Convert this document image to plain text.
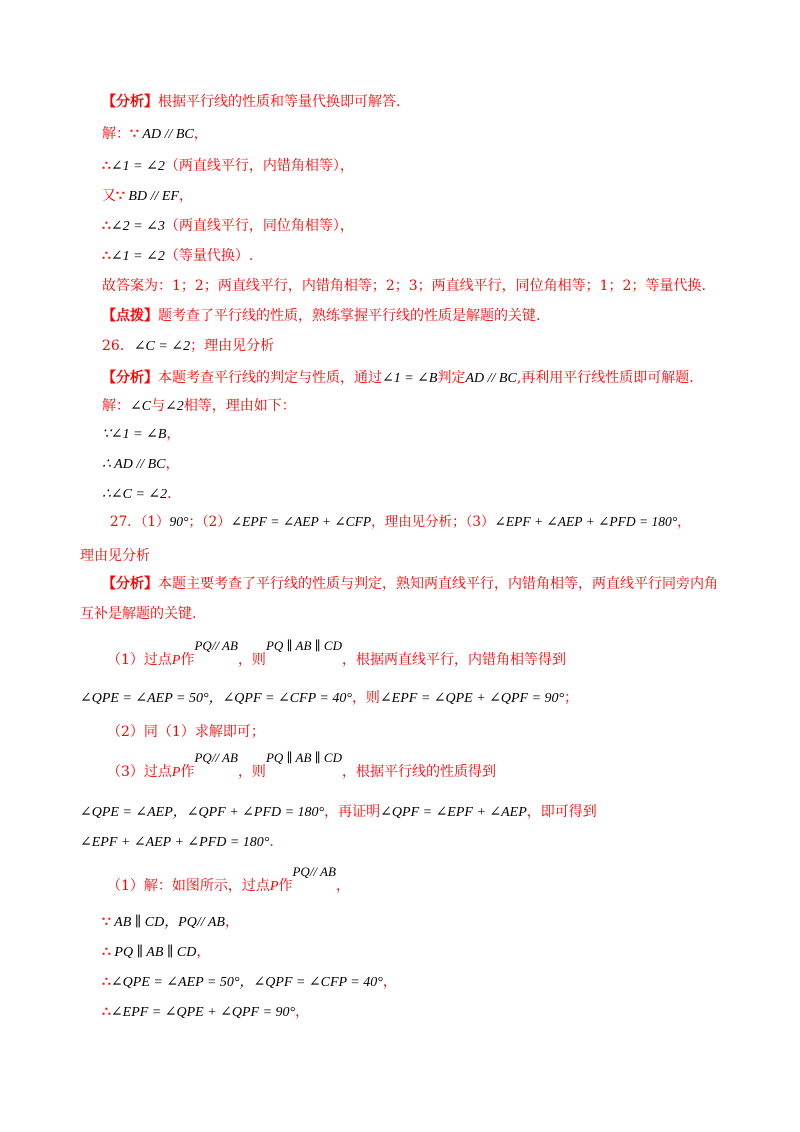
【分析】根据平行线的性质和等量代换即可解答.
解：∵ AD // BC，
∴∠1 = ∠2（两直线平行，内错角相等），
又∵ BD // EF，
∴∠2 = ∠3（两直线平行，同位角相等），
∴∠1 = ∠2（等量代换）.
故答案为：1；2；两直线平行，内错角相等；2；3；两直线平行，同位角相等；1；2；等量代换.
【点拨】题考查了平行线的性质，熟练掌握平行线的性质是解题的关键.
26．∠C = ∠2；理由见分析
【分析】本题考查平行线的判定与性质，通过∠1 = ∠B判定AD // BC,再利用平行线性质即可解题.
解：∠C与∠2相等，理由如下：
∵∠1 = ∠B，
∴ AD // BC，
∴∠C = ∠2.
27．（1）90°；（2）∠EPF = ∠AEP + ∠CFP，理由见分析；（3）∠EPF + ∠AEP + ∠PFD = 180°，
理由见分析
【分析】本题主要考查了平行线的性质与判定，熟知两直线平行，内错角相等，两直线平行同旁内角
互补是解题的关键.
（1）过点P作PQ// AB，则PQ ∥ AB ∥ CD，根据两直线平行，内错角相等得到
∠QPE = ∠AEP = 50°，∠QPF = ∠CFP = 40°，则∠EPF = ∠QPE + ∠QPF = 90°；
（2）同（1）求解即可；
（3）过点P作PQ// AB，则PQ ∥ AB ∥ CD，根据平行线的性质得到
∠QPE = ∠AEP，∠QPF + ∠PFD = 180°，再证明∠QPF = ∠EPF + ∠AEP，即可得到
∠EPF + ∠AEP + ∠PFD = 180°.
（1）解：如图所示，过点P作PQ// AB，
∵ AB ∥ CD，PQ// AB，
∴ PQ ∥ AB ∥ CD，
∴∠QPE = ∠AEP = 50°，∠QPF = ∠CFP = 40°，
∴∠EPF = ∠QPE + ∠QPF = 90°，
